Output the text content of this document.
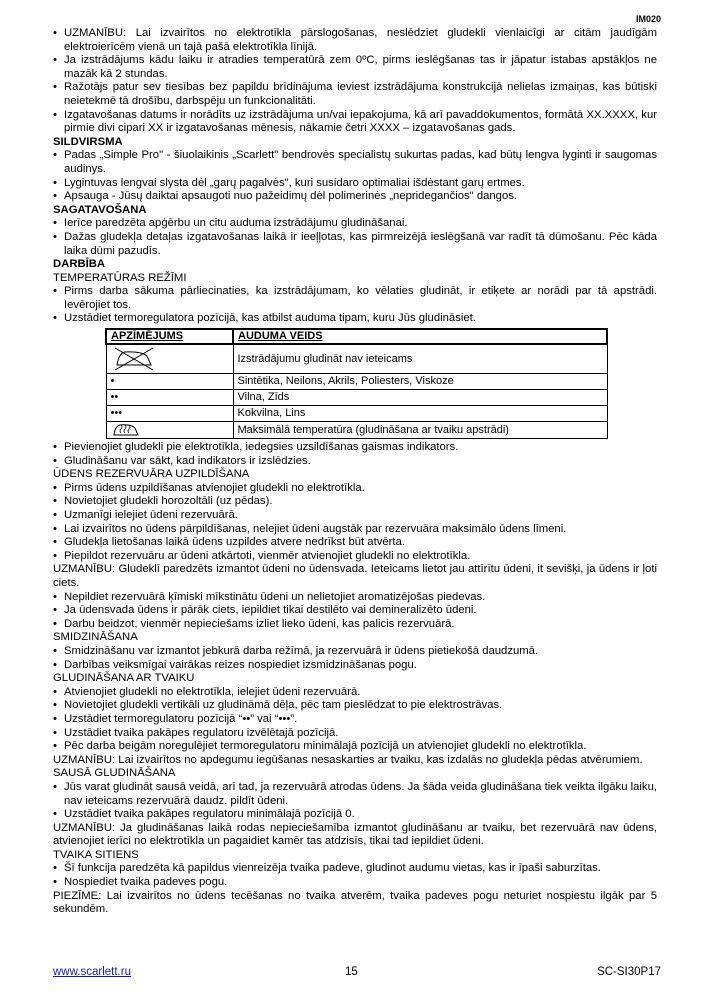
IM020
• UZMANĪBU: Lai izvairītos no elektrotīkla pārslogošanas, neslēdziet gludekli vienlaicīgi ar citām jaudīgām elektroierīcēm vienā un tajā pašā elektrotīkla līnijā.
• Ja izstrādājums kādu laiku ir atradies temperatūrā zem 0ºC, pirms ieslēgšanas tas ir jāpatur istabas apstākļos ne mazāk kā 2 stundas.
• Ražotājs patur sev tiesības bez papildu brīdinājuma ieviest izstrādājuma konstrukcijā nelielas izmaiņas, kas būtiski neietekmē tā drošību, darbspēju un funkcionalitāti.
• Izgatavošanas datums ir norādīts uz izstrādājuma un/vai iepakojuma, kā arī pavaddokumentos, formātā XX.XXXX, kur pirmie divi cipari XX ir izgatavošanas mēnesis, nākamie četri XXXX – izgatavošanas gads.
SILDVIRSMA
• Padas „Simple Pro" - šiuolaikinis „Scarlett" bendrovės specialistų sukurtas padas, kad būtų lengva lyginti ir saugomas audinys.
• Lygintuvas lengvai slysta dėl „garų pagalvės", kuri susidaro optimaliai išdėstant garų ertmes.
• Apsauga - Jūsų daiktai apsaugoti nuo pažeidimų dėl polimerinės „nepridegančios" dangos.
SAGATAVOŠANA
• Ierīce paredzēta apģērbu un citu auduma izstrādājumu gludināšanai.
• Dažas gludekļa detaļas izgatavošanas laikā ir ieeļļotas, kas pirmreizējā ieslēgšanā var radīt tā dūmošanu. Pēc kāda laika dūmi pazudīs.
DARBĪBA
TEMPERATŪRAS REŽĪMI
• Pirms darba sākuma pārliecinaties, ka izstrādājumam, ko vēlaties gludināt, ir etiķete ar norādi par tā apstrādi. Ievērojiet tos.
• Uzstādiet termoregulatora pozīcijā, kas atbilst auduma tipam, kuru Jūs gludināsiet.
APZĪMĒJUMS	AUDUMA VEIDS

	Izstrādājumu gludināt nav ieteicams
•	Sintētika, Neilons, Akrils, Poliesters, Viskoze
••	Vilna, Zīds
•••	Kokvilna, Lins

	Maksimālā temperatūra (gludināšana ar tvaiku apstrādi)
• Pievienojiet gludekli pie elektrotīkla, iedegsies uzsildīšanas gaismas indikators.
• Gludināšanu var sākt, kad indikators ir izslēdzies.
ŪDENS REZERVUĀRA UZPILDĪŠANA
• Pirms ūdens uzpildīšanas atvienojiet gludekli no elektrotīkla.
• Novietojiet gludekli horozoltāli (uz pēdas).
• Uzmanīgi ielejiet ūdeni rezervuārā.
• Lai izvairītos no ūdens pārpildīšanas, nelejiet ūdeni augstāk par rezervuāra maksimālo ūdens līmeni.
• Gludekļa lietošanas laikā ūdens uzpildes atvere nedrīkst būt atvērta.
• Piepildot rezervuāru ar ūdeni atkārtoti, vienmēr atvienojiet gludekli no elektrotīkla.
UZMANĪBU: Gludeklī paredzēts izmantot ūdeni no ūdensvada. Ieteicams lietot jau attīrītu ūdeni, it sevišķi, ja ūdens ir ļoti ciets.
• Nepildiet rezervuārā ķīmiski mīkstinātu ūdeni un nelietojiet aromatizējošas piedevas.
• Ja ūdensvada ūdens ir pārāk ciets, iepildiet tikai destilēto vai demineralizēto ūdeni.
• Darbu beidzot, vienmēr nepieciešams izliet lieko ūdeni, kas palicis rezervuārā.
SMIDZINĀŠANA
• Smidzināšanu var izmantot jebkurā darba režīmā, ja rezervuārā ir ūdens pietiekošā daudzumā.
• Darbības veiksmīgai vairākas reizes nospiediet izsmidzināšanas pogu.
GLUDINĀŠANA AR TVAIKU
• Atvienojiet gludekli no elektrotīkla, ielejiet ūdeni rezervuārā.
• Novietojiet gludekli vertikāli uz gludināmā dēļa, pēc tam pieslēdzat to pie elektrostrāvas.
• Uzstādiet termoregulatoru pozīcijā “••” vai “•••”.
• Uzstādiet tvaika pakāpes regulatoru izvēlētajā pozīcijā.
• Pēc darba beigām noregulējiet termoregulatoru minimālajā pozīcijā un atvienojiet gludekli no elektrotīkla.
UZMANĪBU: Lai izvairītos no apdegumu iegūšanas nesaskarties ar tvaiku, kas izdalās no gludekļa pēdas atvērumiem.
SAUSĀ GLUDINĀŠANA
• Jūs varat gludināt sausā veidā, arī tad, ja rezervuārā atrodas ūdens. Ja šāda veida gludināšana tiek veikta ilgāku laiku, nav ieteicams rezervuārā daudz. pildīt ūdeni.
• Uzstādiet tvaika pakāpes regulatoru minimālajā pozīcijā 0.
UZMANĪBU: Ja gludināšanas laikā rodas nepieciešamība izmantot gludināšanu ar tvaiku, bet rezervuārā nav ūdens, atvienojiet ierīci no elektrotīkla un pagaidiet kamēr tas atdzisīs, tikai tad iepildiet ūdeni.
TVAIKA SITIENS
• Šī funkcija paredzēta kā papildus vienreizēja tvaika padeve, gludinot audumu vietas, kas ir īpaši saburzītas.
• Nospiediet tvaika padeves pogu.
PIEZĪME: Lai izvairītos no ūdens tecēšanas no tvaika atverēm, tvaika padeves pogu neturiet nospiestu ilgāk par 5 sekundēm.
www.scarlett.ru	15	SC-SI30P17
